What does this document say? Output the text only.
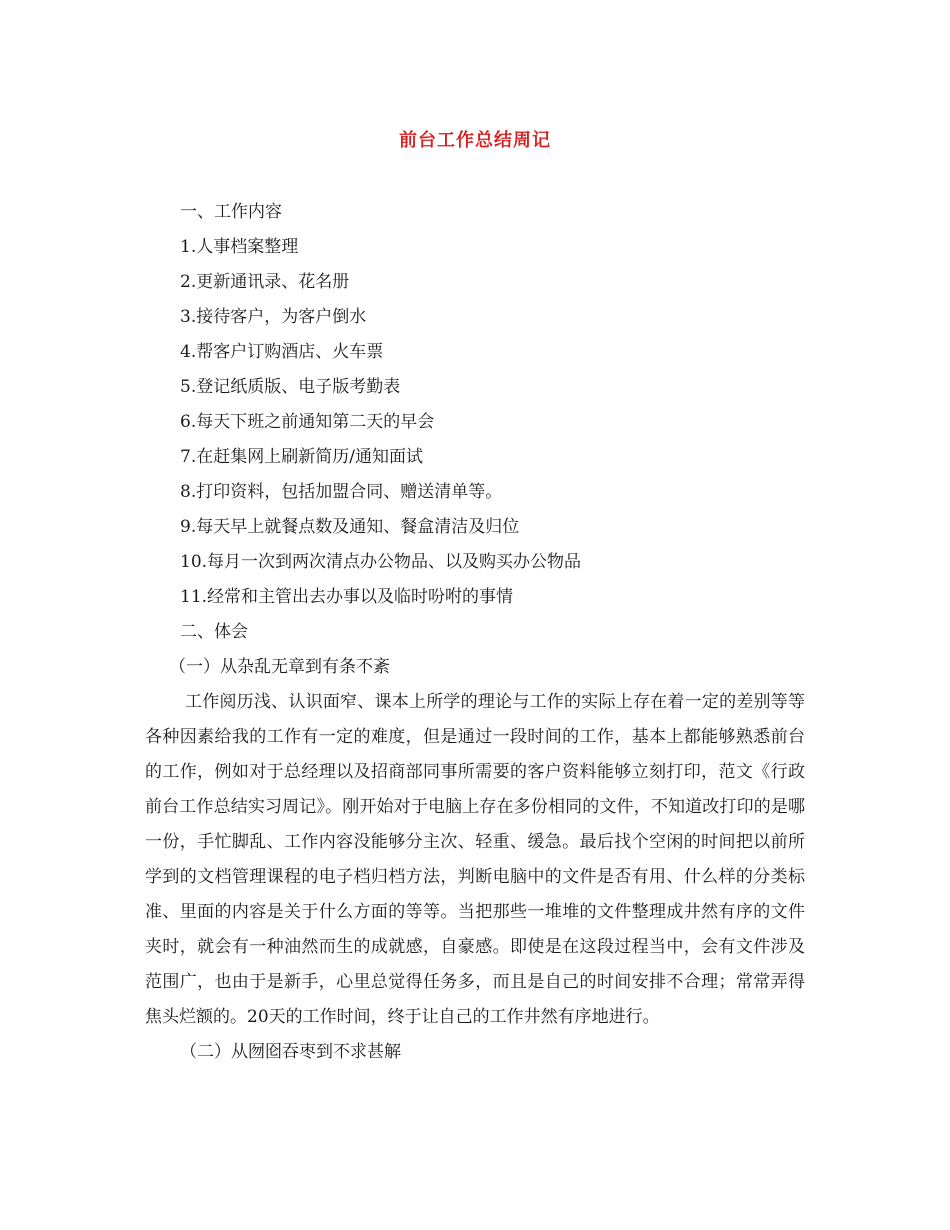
前台工作总结周记
一、工作内容
1.人事档案整理
2.更新通讯录、花名册
3.接待客户，为客户倒水
4.帮客户订购酒店、火车票
5.登记纸质版、电子版考勤表
6.每天下班之前通知第二天的早会
7.在赶集网上刷新简历/通知面试
8.打印资料，包括加盟合同、赠送清单等。
9.每天早上就餐点数及通知、餐盒清洁及归位
10.每月一次到两次清点办公物品、以及购买办公物品
11.经常和主管出去办事以及临时吩咐的事情
二、体会
（一）从杂乱无章到有条不紊

工作阅历浅、认识面窄、课本上所学的理论与工作的实际上存在着一定的差别等等各种因素给我的工作有一定的难度，但是通过一段时间的工作，基本上都能够熟悉前台的工作，例如对于总经理以及招商部同事所需要的客户资料能够立刻打印，范文《行政前台工作总结实习周记》。刚开始对于电脑上存在多份相同的文件，不知道改打印的是哪一份，手忙脚乱、工作内容没能够分主次、轻重、缓急。最后找个空闲的时间把以前所学到的文档管理课程的电子档归档方法，判断电脑中的文件是否有用、什么样的分类标准、里面的内容是关于什么方面的等等。当把那些一堆堆的文件整理成井然有序的文件夹时，就会有一种油然而生的成就感，自豪感。即使是在这段过程当中，会有文件涉及范围广，也由于是新手，心里总觉得任务多，而且是自己的时间安排不合理；常常弄得焦头烂额的。20天的工作时间，终于让自己的工作井然有序地进行。

（二）从囫囵吞枣到不求甚解
